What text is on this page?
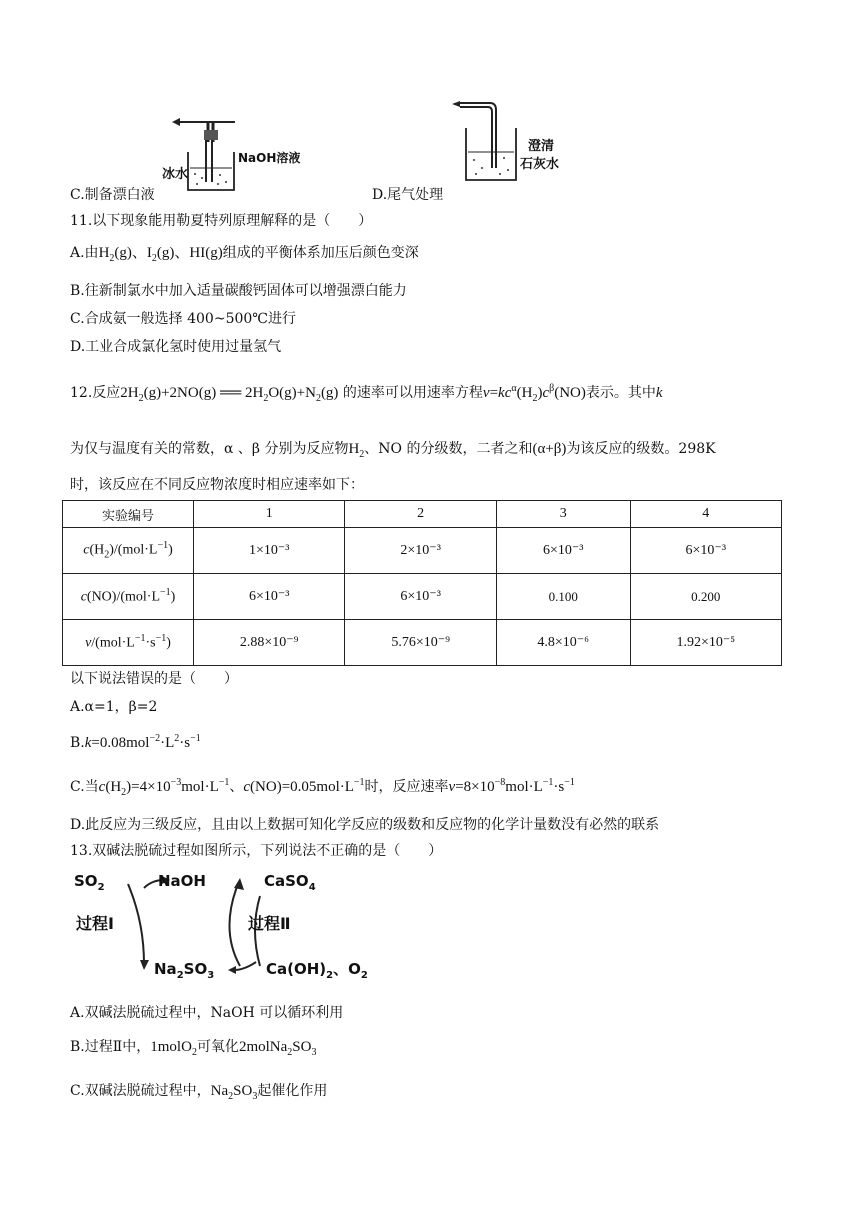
NaOH溶液
冰水
澄清
石灰水
C.制备漂白液	D.尾气处理
11.以下现象能用勒夏特列原理解释的是（　　）
A.由$H_2(g)$、$I_2(g)$、HI(g)组成的平衡体系加压后颜色变深
B.往新制氯水中加入适量碳酸钙固体可以增强漂白能力
C.合成氨一般选择 400~500℃进行
D.工业合成氯化氢时使用过量氢气
12.反应$2H_2(g)+2NO(g)$ ══ $2H_2O(g)+N_2(g)$ 的速率可以用速率方程$v=kc^\alpha(H_2)c^\beta(NO)$表示。其中k
为仅与温度有关的常数，α 、β 分别为反应物$H_2$、NO 的分级数，二者之和(α+β)为该反应的级数。298K
时，该反应在不同反应物浓度时相应速率如下：
实验编号	1	2	3	4
$c(H_2)/(mol\cdot L^{-1})$	1×10⁻³	2×10⁻³	6×10⁻³	6×10⁻³
$c(NO)/(mol\cdot L^{-1})$	6×10⁻³	6×10⁻³	0.100	0.200
$v/(mol\cdot L^{-1}\cdot s^{-1})$	2.88×10⁻⁹	5.76×10⁻⁹	4.8×10⁻⁶	1.92×10⁻⁵
以下说法错误的是（　　）
A.α=1，β=2
$B.k=0.08mol^{-2}\cdot L^2\cdot s^{-1}$
C.当$c(H_2)=4\times 10^{-3}mol\cdot L^{-1}$、$c(NO)=0.05mol\cdot L^{-1}$时，反应速率$v=8\times 10^{-8}mol\cdot L^{-1}\cdot s^{-1}$
D.此反应为三级反应，且由以上数据可知化学反应的级数和反应物的化学计量数没有必然的联系
13.双碱法脱硫过程如图所示，下列说法不正确的是（　　）
$SO_2$	NaOH	CaSO$_4$
过程Ⅰ	过程Ⅱ
$Na_2SO_3$	$Ca(OH)_2$、$O_2$
A.双碱法脱硫过程中，NaOH 可以循环利用
B.过程Ⅱ中，1molO$_2$可氧化$2molNa_2SO_3$
C.双碱法脱硫过程中，$Na_2SO_3$起催化作用
